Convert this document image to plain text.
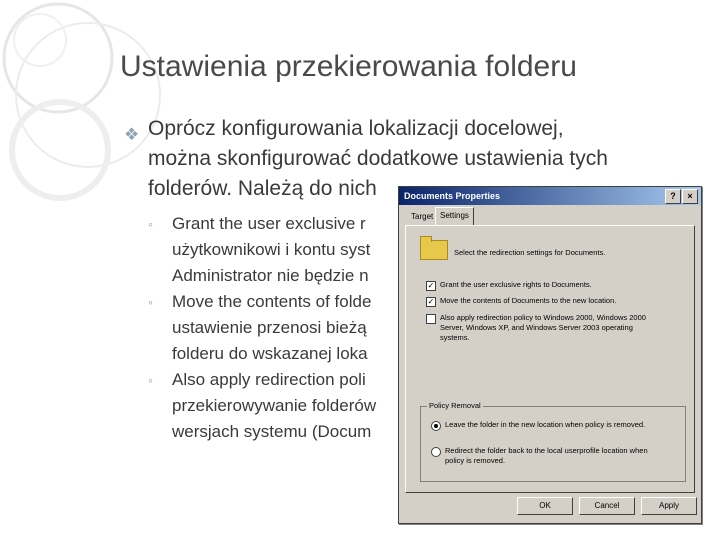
Ustawienia przekierowania folderu
❖ Oprócz konfigurowania lokalizacji docelowej,
można skonfigurować dodatkowe ustawienia tych
folderów. Należą do nich
◦	Grant the user exclusive r
użytkownikowi i kontu syst
Administrator nie będzie n
◦	Move the contents of folde
ustawienie przenosi bieżą
folderu do wskazanej loka
◦	Also apply redirection poli
przekierowywanie folderów
wersjach systemu (Docum
Documents Properties	?	×
Target Settings
Select the redirection settings for Documents.
✓ Grant the user exclusive rights to Documents.
✓ Move the contents of Documents to the new location.
Also apply redirection policy to Windows 2000, Windows 2000
Server, Windows XP, and Windows Server 2003 operating
systems.
Policy Removal
Leave the folder in the new location when policy is removed.
Redirect the folder back to the local userprofile location when
policy is removed.
OK	Cancel	Apply
